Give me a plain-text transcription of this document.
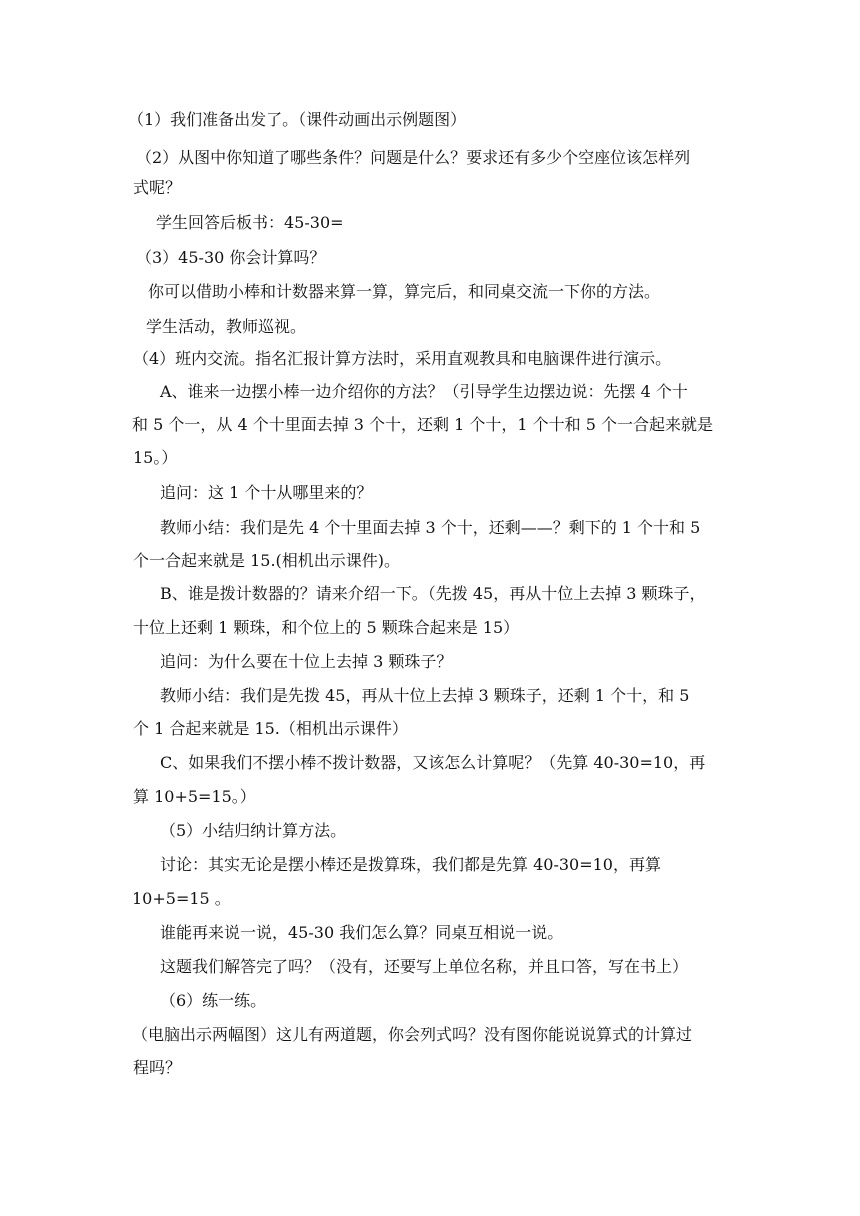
（1）我们准备出发了。（课件动画出示例题图）
（2）从图中你知道了哪些条件？问题是什么？要求还有多少个空座位该怎样列
式呢？
学生回答后板书：45-30=
（3）45-30 你会计算吗？
你可以借助小棒和计数器来算一算，算完后，和同桌交流一下你的方法。
学生活动，教师巡视。
（4）班内交流。指名汇报计算方法时，采用直观教具和电脑课件进行演示。
A、谁来一边摆小棒一边介绍你的方法？（引导学生边摆边说：先摆 4 个十
和 5 个一，从 4 个十里面去掉 3 个十，还剩 1 个十，1 个十和 5 个一合起来就是
15。）
追问：这 1 个十从哪里来的？
教师小结：我们是先 4 个十里面去掉 3 个十，还剩——？剩下的 1 个十和 5
个一合起来就是 15.(相机出示课件)。
B、谁是拨计数器的？请来介绍一下。（先拨 45，再从十位上去掉 3 颗珠子，
十位上还剩 1 颗珠，和个位上的 5 颗珠合起来是 15）
追问：为什么要在十位上去掉 3 颗珠子？
教师小结：我们是先拨 45，再从十位上去掉 3 颗珠子，还剩 1 个十，和 5
个 1 合起来就是 15.（相机出示课件）
C、如果我们不摆小棒不拨计数器，又该怎么计算呢？（先算 40-30=10，再
算 10+5=15。）
（5）小结归纳计算方法。
讨论：其实无论是摆小棒还是拨算珠，我们都是先算 40-30=10，再算
10+5=15 。
谁能再来说一说，45-30 我们怎么算？同桌互相说一说。
这题我们解答完了吗？（没有，还要写上单位名称，并且口答，写在书上）
（6）练一练。
（电脑出示两幅图）这儿有两道题，你会列式吗？没有图你能说说算式的计算过
程吗？
